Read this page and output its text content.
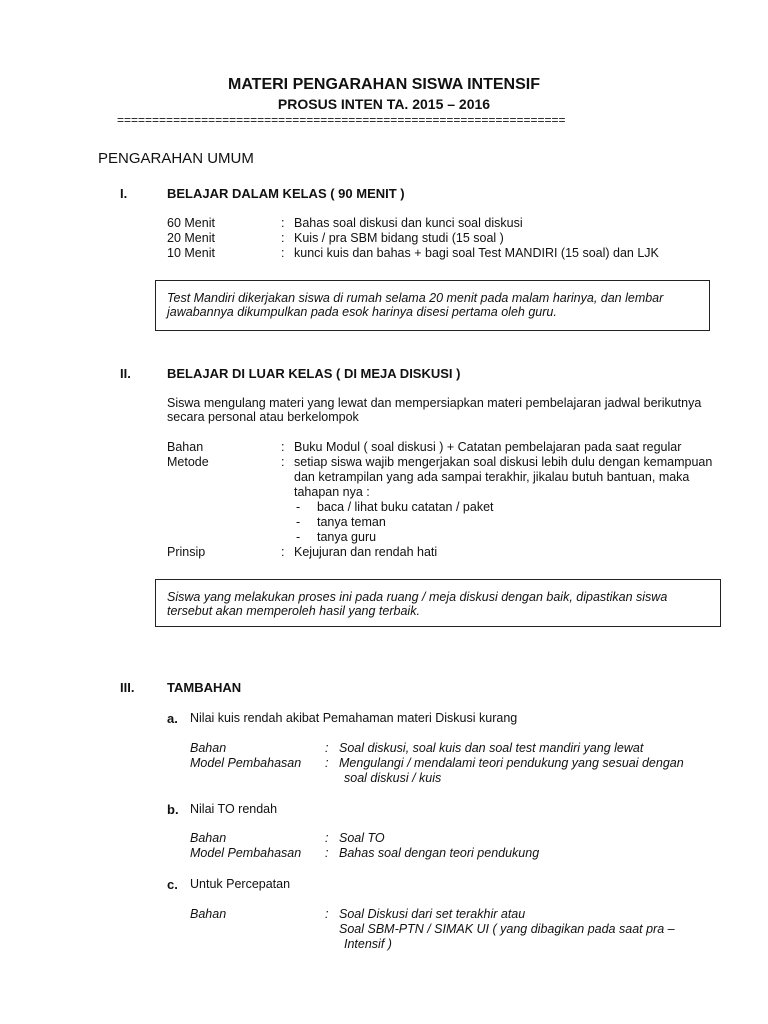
MATERI PENGARAHAN SISWA INTENSIF
PROSUS INTEN TA. 2015 – 2016
================================================================
PENGARAHAN UMUM
I.	BELAJAR DALAM KELAS ( 90 MENIT )
60 Menit	: Bahas soal diskusi dan kunci soal diskusi
20 Menit	: Kuis / pra SBM bidang studi (15 soal )
10 Menit	: kunci kuis dan bahas + bagi soal Test MANDIRI (15 soal) dan LJK
Test Mandiri dikerjakan siswa di rumah selama 20 menit pada malam harinya, dan lembar
jawabannya dikumpulkan pada esok harinya disesi pertama oleh guru.
II.	BELAJAR DI LUAR KELAS ( DI MEJA DISKUSI )
Siswa mengulang materi yang lewat dan mempersiapkan materi pembelajaran jadwal berikutnya
secara personal atau berkelompok
Bahan	: Buku Modul ( soal diskusi ) + Catatan pembelajaran pada saat regular
Metode	: setiap siswa wajib mengerjakan soal diskusi lebih dulu dengan kemampuan
dan ketrampilan yang ada sampai terakhir, jikalau butuh bantuan, maka
tahapan nya :
- baca / lihat buku catatan / paket
- tanya teman
- tanya guru
Prinsip	: Kejujuran dan rendah hati
Siswa yang melakukan proses ini pada ruang / meja diskusi dengan baik, dipastikan siswa
tersebut akan memperoleh hasil yang terbaik.
III.	TAMBAHAN
a. Nilai kuis rendah akibat Pemahaman materi Diskusi kurang
Bahan	: Soal diskusi, soal kuis dan soal test mandiri yang lewat
Model Pembahasan : Mengulangi / mendalami teori pendukung yang sesuai dengan
soal diskusi / kuis
b. Nilai TO rendah
Bahan	: Soal TO
Model Pembahasan : Bahas soal dengan teori pendukung
c. Untuk Percepatan
Bahan	: Soal Diskusi dari set terakhir atau
Soal SBM-PTN / SIMAK UI ( yang dibagikan pada saat pra –
Intensif )
